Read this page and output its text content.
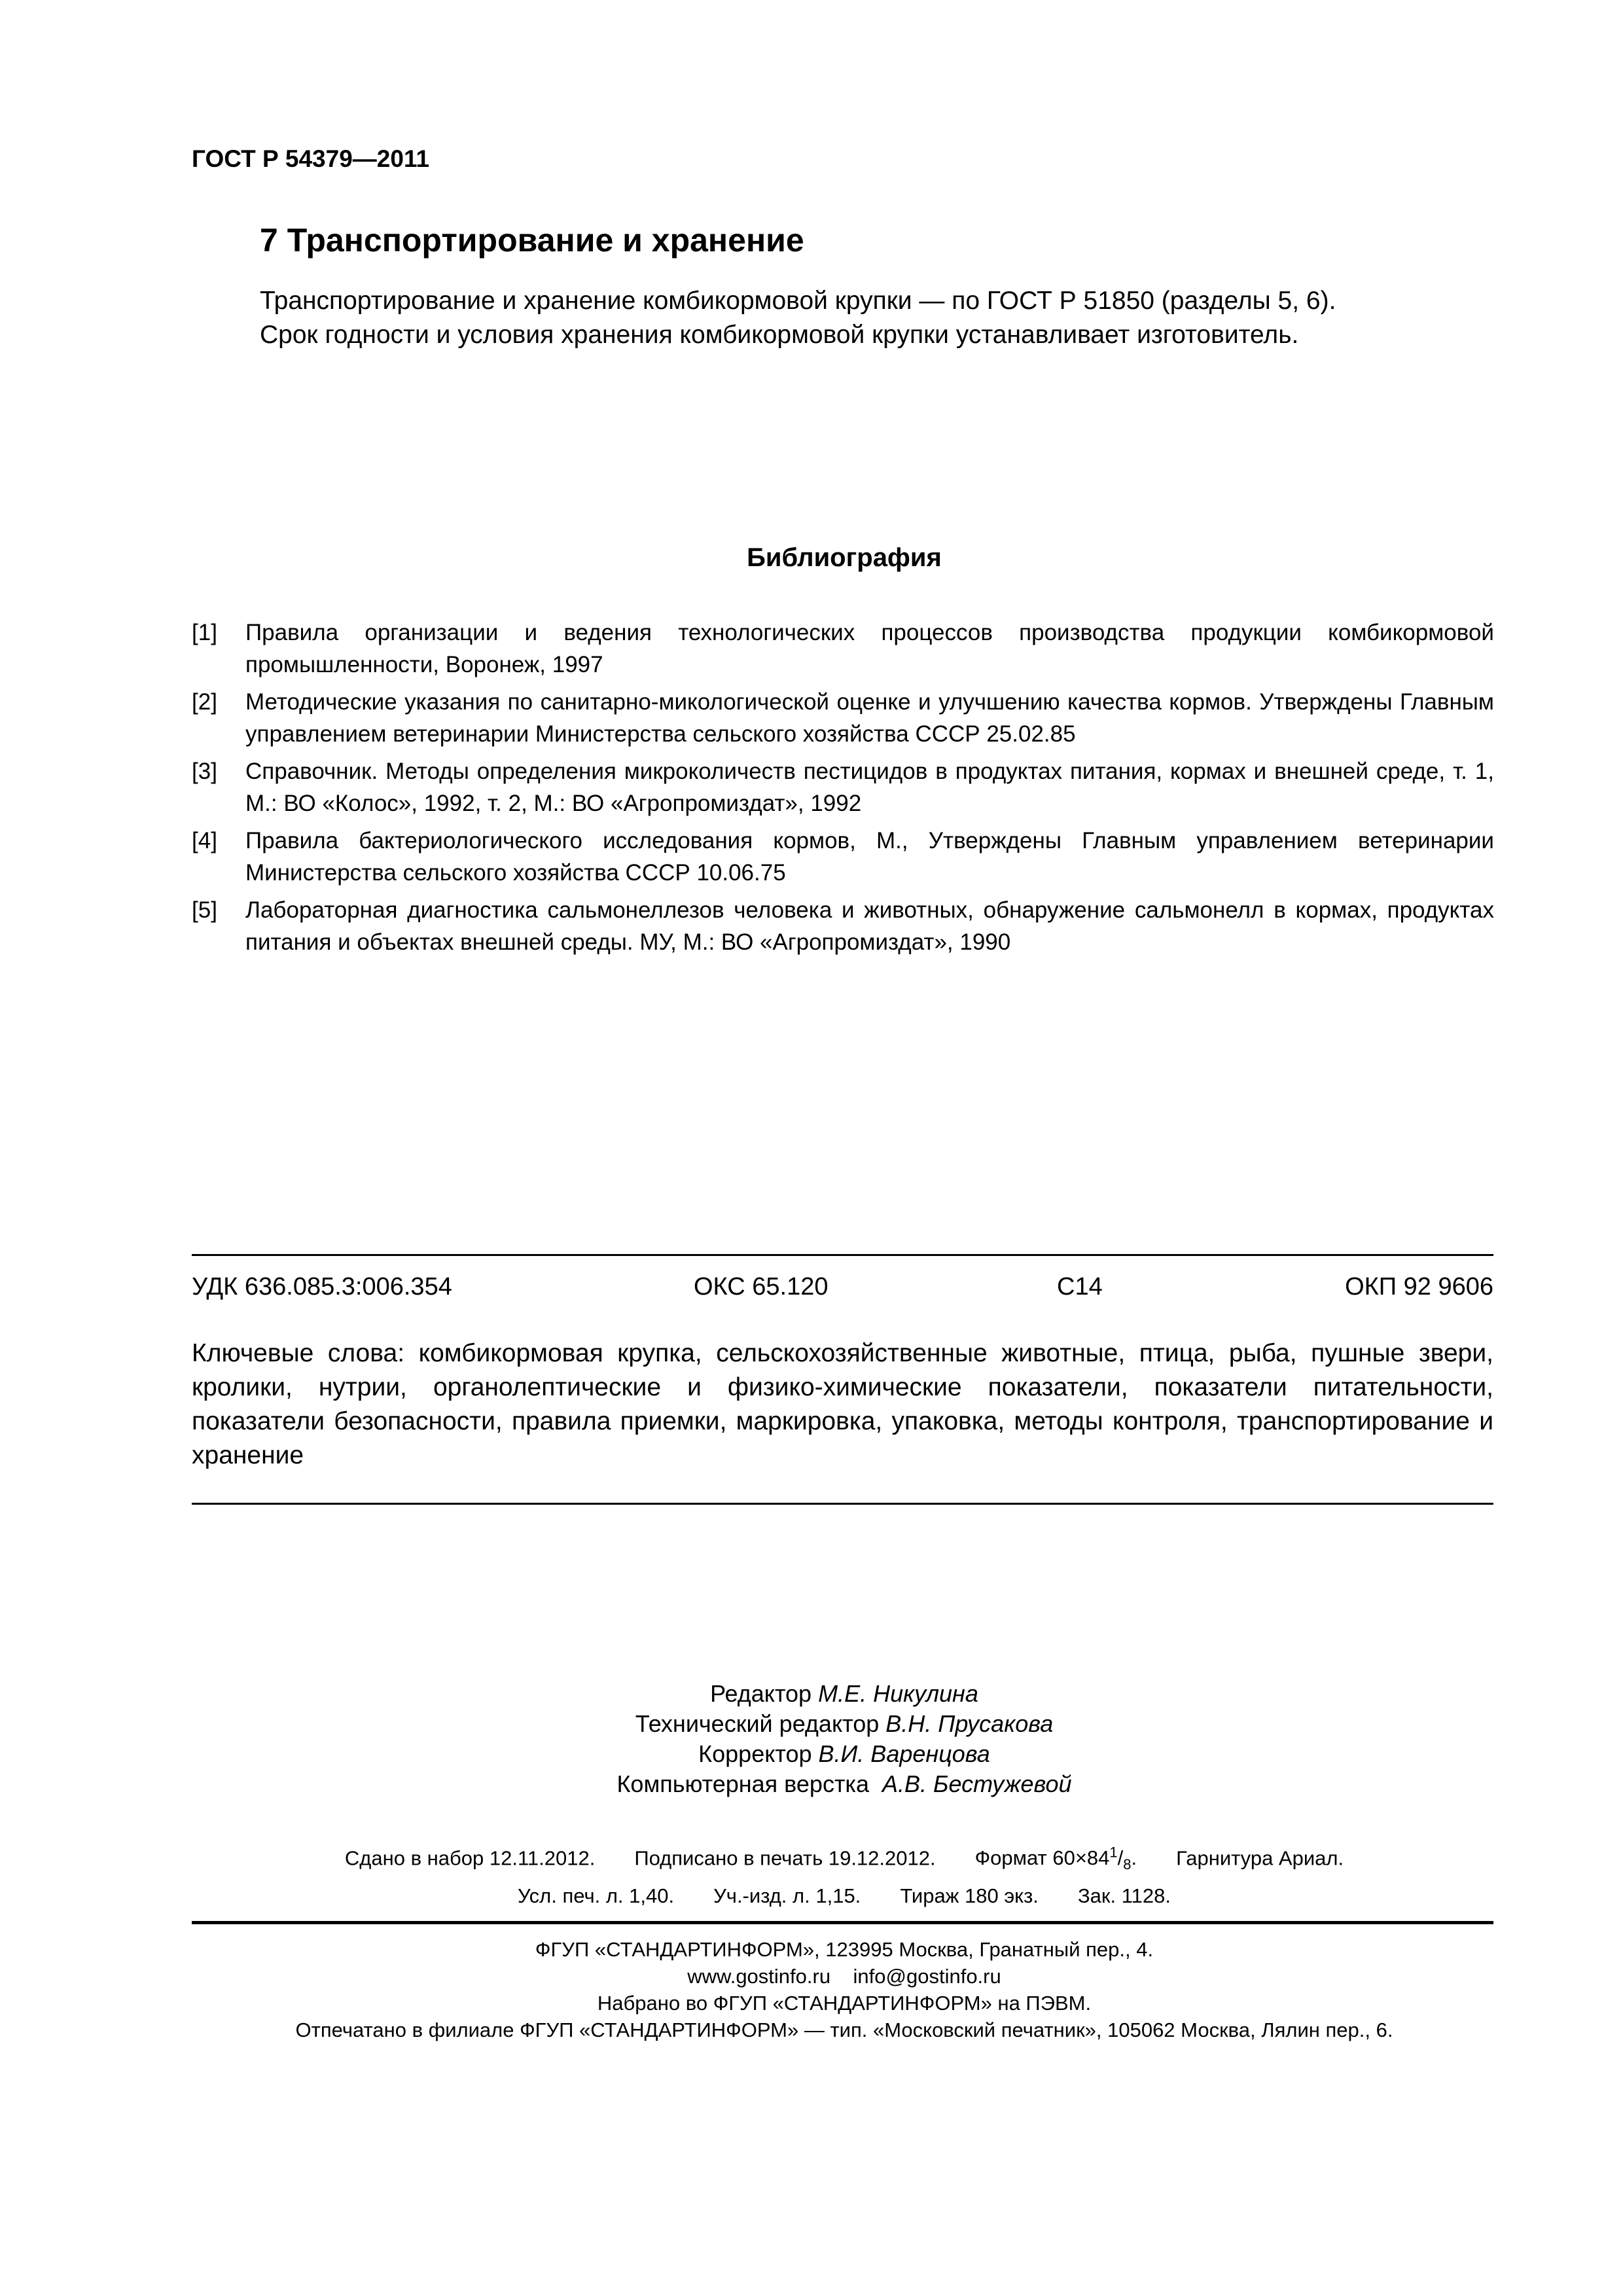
ГОСТ Р 54379—2011
7 Транспортирование и хранение
Транспортирование и хранение комбикормовой крупки — по ГОСТ Р 51850 (разделы 5, 6).
Срок годности и условия хранения комбикормовой крупки устанавливает изготовитель.
Библиография
[1] Правила организации и ведения технологических процессов производства продукции комбикормовой промышленности, Воронеж, 1997
[2] Методические указания по санитарно-микологической оценке и улучшению качества кормов. Утверждены Главным управлением ветеринарии Министерства сельского хозяйства СССР 25.02.85
[3] Справочник. Методы определения микроколичеств пестицидов в продуктах питания, кормах и внешней среде, т. 1, М.: ВО «Колос», 1992, т. 2, М.: ВО «Агропромиздат», 1992
[4] Правила бактериологического исследования кормов, М., Утверждены Главным управлением ветеринарии Министерства сельского хозяйства СССР 10.06.75
[5] Лабораторная диагностика сальмонеллезов человека и животных, обнаружение сальмонелл в кормах, продуктах питания и объектах внешней среды. МУ, М.: ВО «Агропромиздат», 1990
УДК 636.085.3:006.354	ОКС 65.120	С14	ОКП 92 9606
Ключевые слова: комбикормовая крупка, сельскохозяйственные животные, птица, рыба, пушные звери, кролики, нутрии, органолептические и физико-химические показатели, показатели питательности, показатели безопасности, правила приемки, маркировка, упаковка, методы контроля, транспортирование и хранение
Редактор М.Е. Никулина
Технический редактор В.Н. Прусакова
Корректор В.И. Варенцова
Компьютерная верстка А.В. Бестужевой
Сдано в набор 12.11.2012. Подписано в печать 19.12.2012. Формат $60\times 84^1/_8$. Гарнитура Ариал.
Усл. печ. л. 1,40. Уч.-изд. л. 1,15. Тираж 180 экз. Зак. 1128.
ФГУП «СТАНДАРТИНФОРМ», 123995 Москва, Гранатный пер., 4.
www.gostinfo.ru info@gostinfo.ru
Набрано во ФГУП «СТАНДАРТИНФОРМ» на ПЭВМ.
Отпечатано в филиале ФГУП «СТАНДАРТИНФОРМ» — тип. «Московский печатник», 105062 Москва, Лялин пер., 6.
